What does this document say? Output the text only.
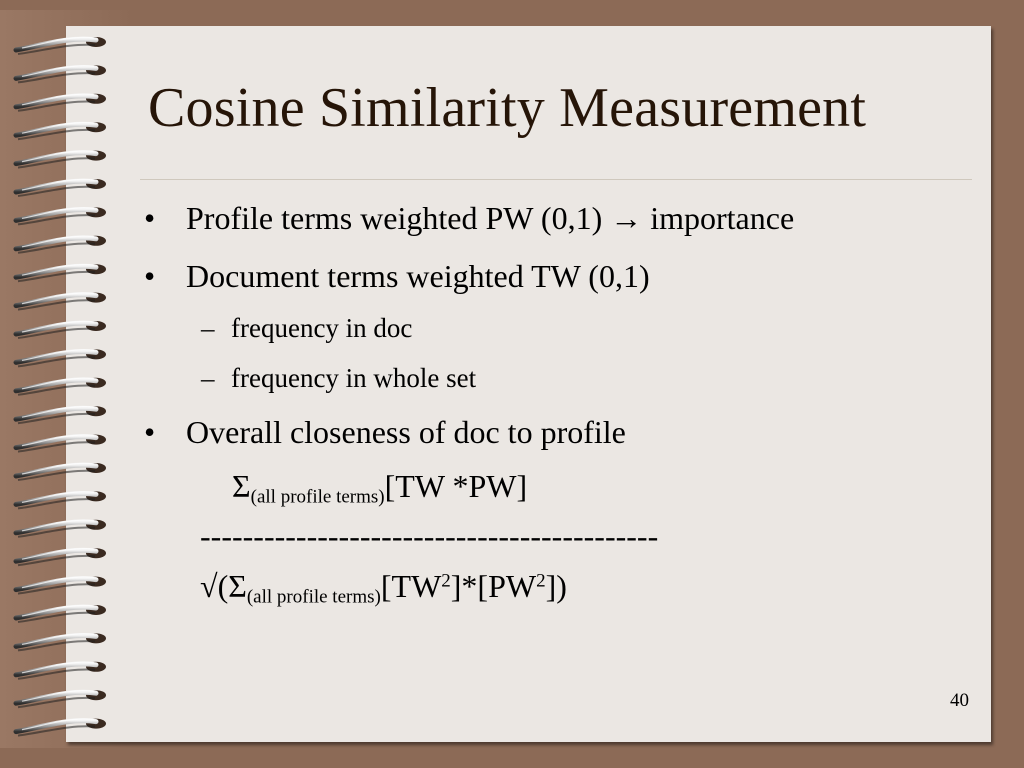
Cosine Similarity Measurement
• Profile terms weighted PW (0,1) → importance
• Document terms weighted TW (0,1)
– frequency in doc
– frequency in whole set
• Overall closeness of doc to profile
Σ(all profile terms)[TW *PW]
-------------------------------------------
√(Σ(all profile $terms)[TW^2]*[PW^2]$)
40
